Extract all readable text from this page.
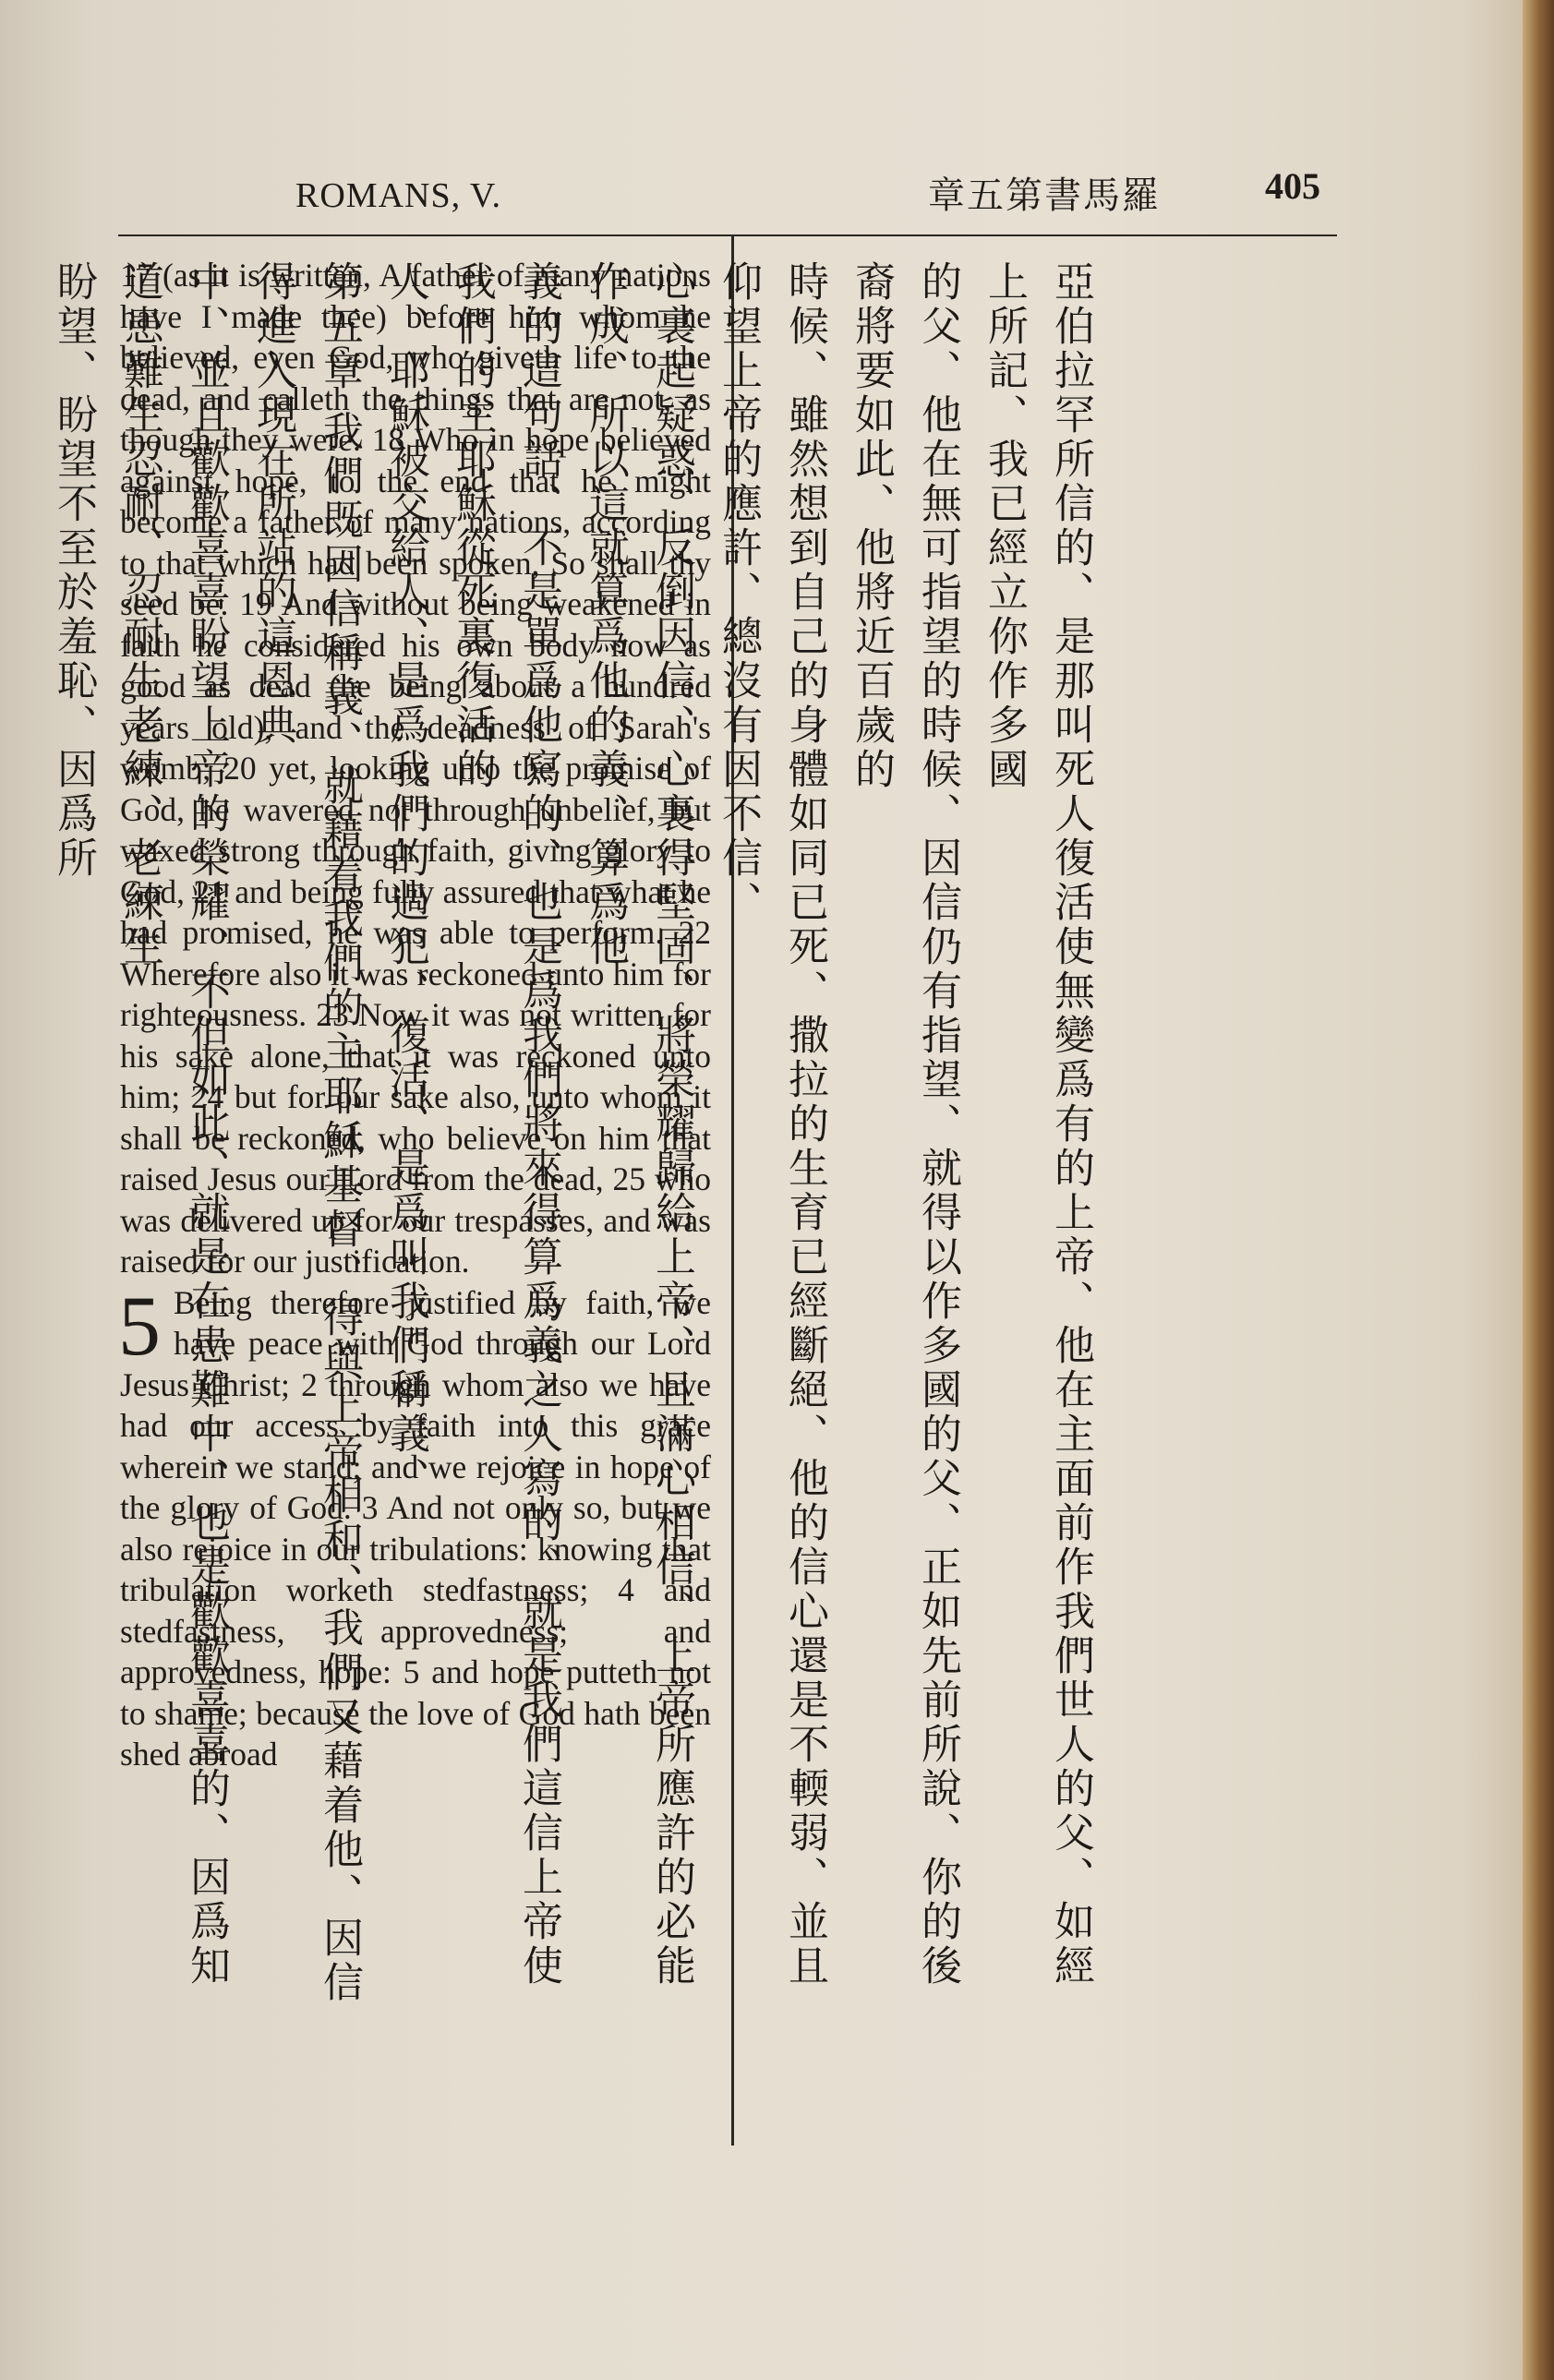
ROMANS, V.	章五第書馬羅	405

17 (as it is written, A father of many nations have I made thee) before him whom he believed, even God, who giveth life to the dead, and calleth the things that are not, as though they were. 18 Who in hope believed against hope, to the end that he might become a father of many nations, according to that which had been spoken, So shall thy seed be. 19 And without being weakened in faith he considered his own body now as good as dead (he being about a hundred years old), and the deadness of Sarah's womb; 20 yet, looking unto the promise of God, he wavered not through unbelief, but waxed strong through faith, giving glory to God, 21 and being fully assured that what he had promised, he was able to perform. 22 Wherefore also it was reckoned unto him for righteousness. 23 Now it was not written for his sake alone, that it was reckoned unto him; 24 but for our sake also, unto whom it shall be reckoned, who believe on him that raised Jesus our Lord from the dead, 25 who was delivered up for our trespasses, and was raised for our justification.

5 Being therefore justified by faith, we have peace with God through our Lord Jesus Christ; 2 through whom also we have had our access by faith into this grace wherein we stand; and we rejoice in hope of the glory of God. 3 And not only so, but we also rejoice in our tribulations: knowing that tribulation worketh stedfastness; 4 and stedfastness, approvedness; and approvedness, hope: 5 and hope putteth not to shame; because the love of God hath been shed abroad	亞伯拉罕所信的、是那叫死人復活使無變爲有的上帝、他在主面前作我們世人的父、如經上所記、我已經立你作多國
的父、他在無可指望的時候、因信仍有指望、就得以作多國的父、正如先前所說、你的後裔將要如此、他將近百歲的
時候、雖然想到自己的身體如同已死、撒拉的生育已經斷絕、他的信心還是不輭弱、並且仰望上帝的應許、總沒有因不信、
心裏起疑惑、反倒因信、心裏得堅固、將榮耀歸給上帝、且滿心相信、上帝所應許的必能作成、所以這就算爲他的義、算爲他
義的這句話、不是單爲他寫的、也是爲我們將來得算爲義之人寫的、就是我們這信上帝使我們的主耶穌從死裏復活的
人、耶穌被交給人、是爲我們的過犯、復活、是爲叫我們稱義、
第五章 我們既因信稱義、就藉着我們的主耶穌基督、得與上帝相和、我們又藉着他、因信得進入現在所站的這恩典
中、並且歡歡喜喜盼望上帝的榮耀、不但如此、就是在患難中、也是歡歡喜喜的、因爲知道患難生忍耐、忍耐生老練、老練生
盼望、盼望不至於羞恥、因爲所
